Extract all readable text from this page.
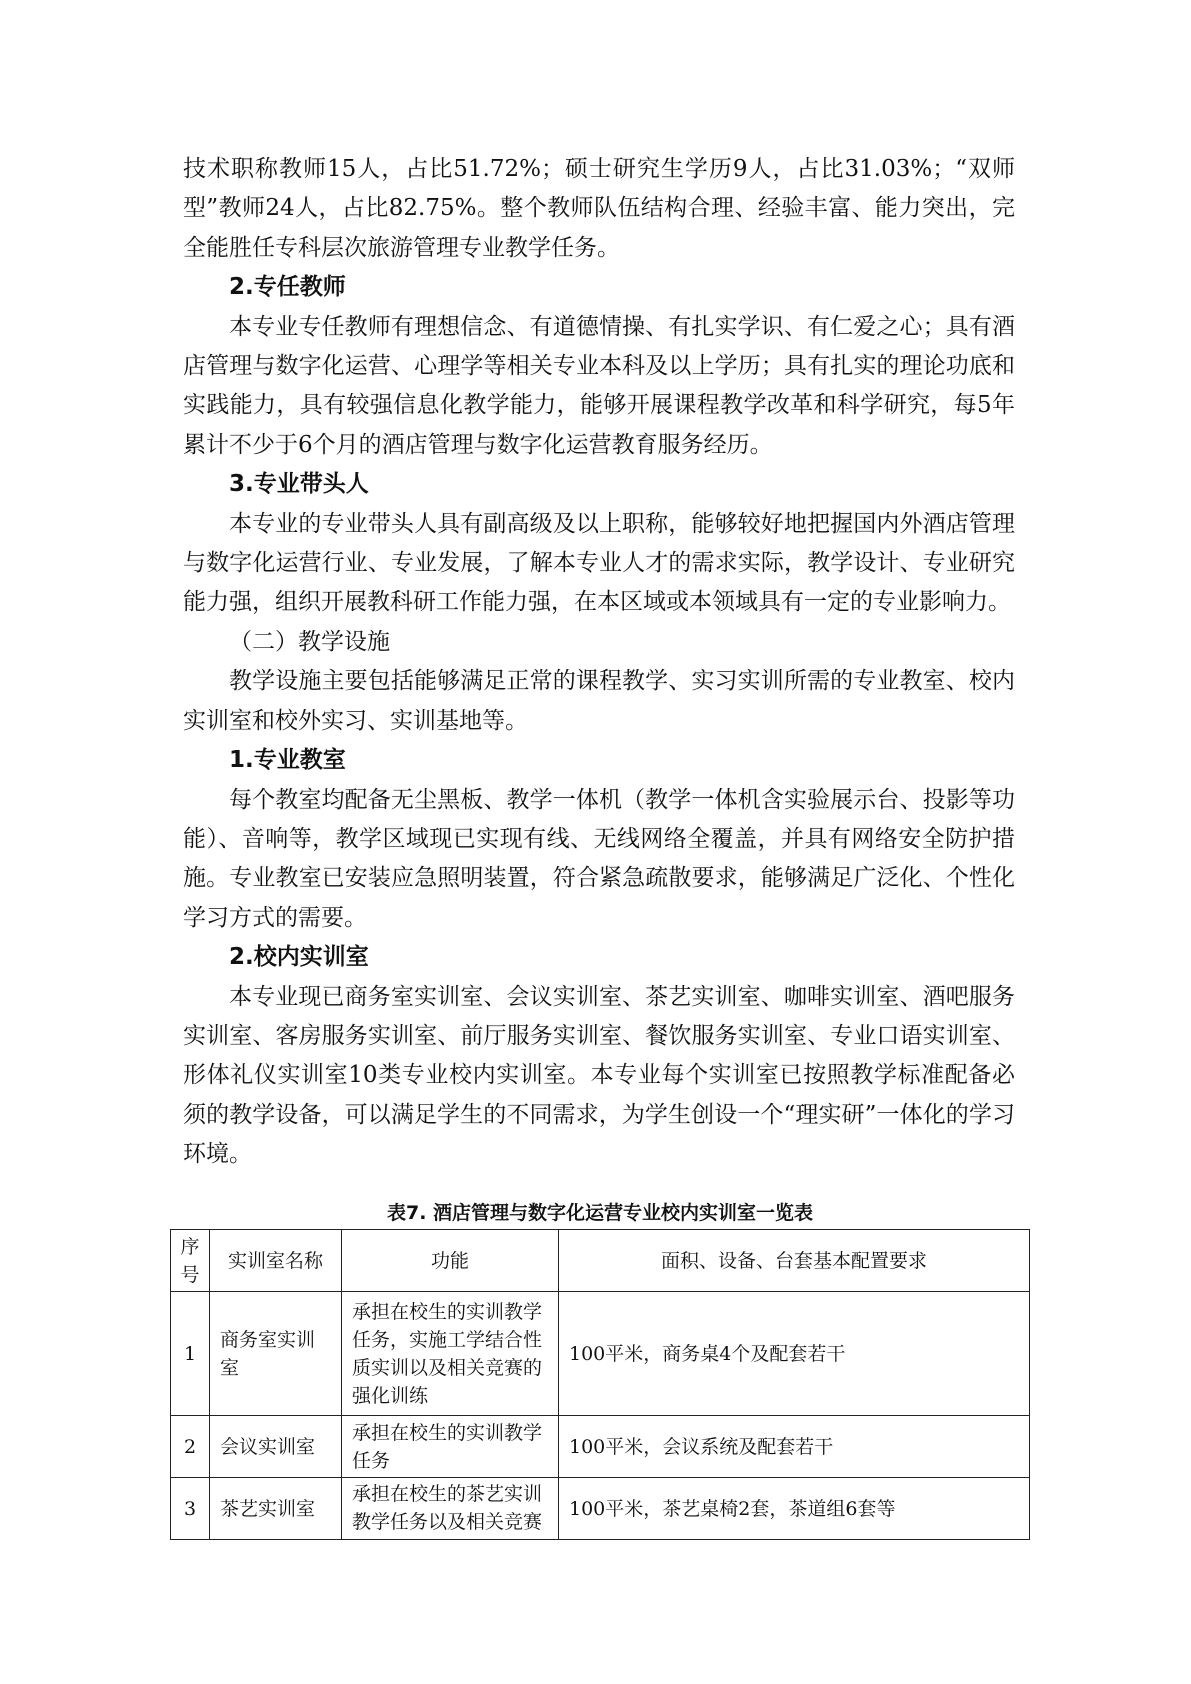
技术职称教师15人，占比51.72%；硕士研究生学历9人，占比31.03%；“双师型”教师24人，占比82.75%。整个教师队伍结构合理、经验丰富、能力突出，完全能胜任专科层次旅游管理专业教学任务。

2.专任教师

本专业专任教师有理想信念、有道德情操、有扎实学识、有仁爱之心；具有酒店管理与数字化运营、心理学等相关专业本科及以上学历；具有扎实的理论功底和实践能力，具有较强信息化教学能力，能够开展课程教学改革和科学研究，每5年累计不少于6个月的酒店管理与数字化运营教育服务经历。

3.专业带头人

本专业的专业带头人具有副高级及以上职称，能够较好地把握国内外酒店管理与数字化运营行业、专业发展，了解本专业人才的需求实际，教学设计、专业研究能力强，组织开展教科研工作能力强，在本区域或本领域具有一定的专业影响力。

（二）教学设施

教学设施主要包括能够满足正常的课程教学、实习实训所需的专业教室、校内实训室和校外实习、实训基地等。

1.专业教室

每个教室均配备无尘黑板、教学一体机（教学一体机含实验展示台、投影等功能）、音响等，教学区域现已实现有线、无线网络全覆盖，并具有网络安全防护措施。专业教室已安装应急照明装置，符合紧急疏散要求，能够满足广泛化、个性化学习方式的需要。

2.校内实训室

本专业现已商务室实训室、会议实训室、茶艺实训室、咖啡实训室、酒吧服务实训室、客房服务实训室、前厅服务实训室、餐饮服务实训室、专业口语实训室、形体礼仪实训室10类专业校内实训室。本专业每个实训室已按照教学标准配备必须的教学设备，可以满足学生的不同需求，为学生创设一个“理实研”一体化的学习环境。

表7. 酒店管理与数字化运营专业校内实训室一览表
序号	实训室名称	功能	面积、设备、台套基本配置要求
1	商务室实训室	承担在校生的实训教学任务，实施工学结合性质实训以及相关竞赛的强化训练	100平米，商务桌4个及配套若干
2	会议实训室	承担在校生的实训教学任务	100平米，会议系统及配套若干
3	茶艺实训室	承担在校生的茶艺实训教学任务以及相关竞赛	100平米，茶艺桌椅2套，茶道组6套等
